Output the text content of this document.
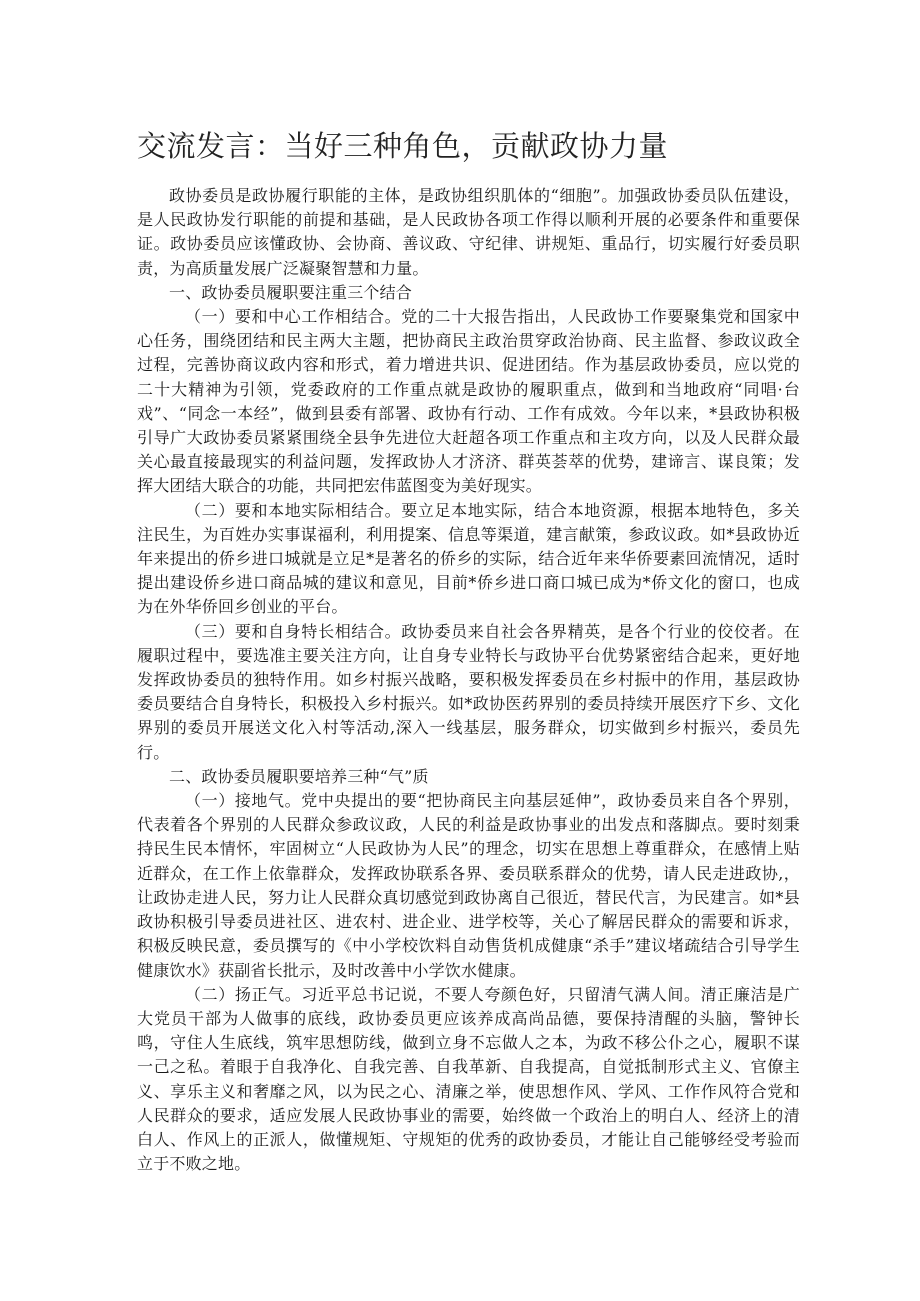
交流发言：当好三种角色，贡献政协力量

政协委员是政协履行职能的主体，是政协组织肌体的“细胞”。加强政协委员队伍建设，是人民政协发行职能的前提和基础，是人民政协各项工作得以顺利开展的必要条件和重要保证。政协委员应该懂政协、会协商、善议政、守纪律、讲规矩、重品行，切实履行好委员职责，为高质量发展广泛凝聚智慧和力量。

一、政协委员履职要注重三个结合

（一）要和中心工作相结合。党的二十大报告指出，人民政协工作要聚集党和国家中心任务，围绕团结和民主两大主题，把协商民主政治贯穿政治协商、民主监督、参政议政全过程，完善协商议政内容和形式，着力增进共识、促进团结。作为基层政协委员，应以党的二十大精神为引领，党委政府的工作重点就是政协的履职重点，做到和当地政府“同唱·台戏”、“同念一本经”，做到县委有部署、政协有行动、工作有成效。今年以来，*县政协积极引导广大政协委员紧紧围绕全县争先进位大赶超各项工作重点和主攻方向，以及人民群众最关心最直接最现实的利益问题，发挥政协人才济济、群英荟萃的优势，建谛言、谋良策；发挥大团结大联合的功能，共同把宏伟蓝图变为美好现实。

（二）要和本地实际相结合。要立足本地实际，结合本地资源，根据本地特色，多关注民生，为百姓办实事谋福利，利用提案、信息等渠道，建言献策，参政议政。如*县政协近年来提出的侨乡进口城就是立足*是著名的侨乡的实际，结合近年来华侨要素回流情况，适时提出建设侨乡进口商品城的建议和意见，目前*侨乡进口商口城已成为*侨文化的窗口，也成为在外华侨回乡创业的平台。

（三）要和自身特长相结合。政协委员来自社会各界精英，是各个行业的佼佼者。在履职过程中，要选准主要关注方向，让自身专业特长与政协平台优势紧密结合起来，更好地发挥政协委员的独特作用。如乡村振兴战略，要积极发挥委员在乡村振中的作用，基层政协委员要结合自身特长，积极投入乡村振兴。如*政协医药界别的委员持续开展医疗下乡、文化界别的委员开展送文化入村等活动,深入一线基层，服务群众，切实做到乡村振兴，委员先行。

二、政协委员履职要培养三种“气”质

（一）接地气。党中央提出的要“把协商民主向基层延伸”，政协委员来自各个界别，代表着各个界别的人民群众参政议政，人民的利益是政协事业的出发点和落脚点。要时刻秉持民生民本情怀，牢固树立“人民政协为人民”的理念，切实在思想上尊重群众，在感情上贴近群众，在工作上依靠群众，发挥政协联系各界、委员联系群众的优势，请人民走进政协,，让政协走进人民，努力让人民群众真切感觉到政协离自己很近，替民代言，为民建言。如*县政协积极引导委员进社区、进农村、进企业、进学校等，关心了解居民群众的需要和诉求，积极反映民意，委员撰写的《中小学校饮料自动售货机成健康“杀手”建议堵疏结合引导学生健康饮水》获副省长批示，及时改善中小学饮水健康。

（二）扬正气。习近平总书记说，不要人夸颜色好，只留清气满人间。清正廉洁是广大党员干部为人做事的底线，政协委员更应该养成高尚品德，要保持清醒的头脑，警钟长鸣，守住人生底线，筑牢思想防线，做到立身不忘做人之本，为政不移公仆之心，履职不谋一己之私。着眼于自我净化、自我完善、自我革新、自我提高，自觉抵制形式主义、官僚主义、享乐主义和奢靡之风，以为民之心、清廉之举，使思想作风、学风、工作作风符合党和人民群众的要求，适应发展人民政协事业的需要，始终做一个政治上的明白人、经济上的清白人、作风上的正派人，做懂规矩、守规矩的优秀的政协委员，才能让自己能够经受考验而立于不败之地。
